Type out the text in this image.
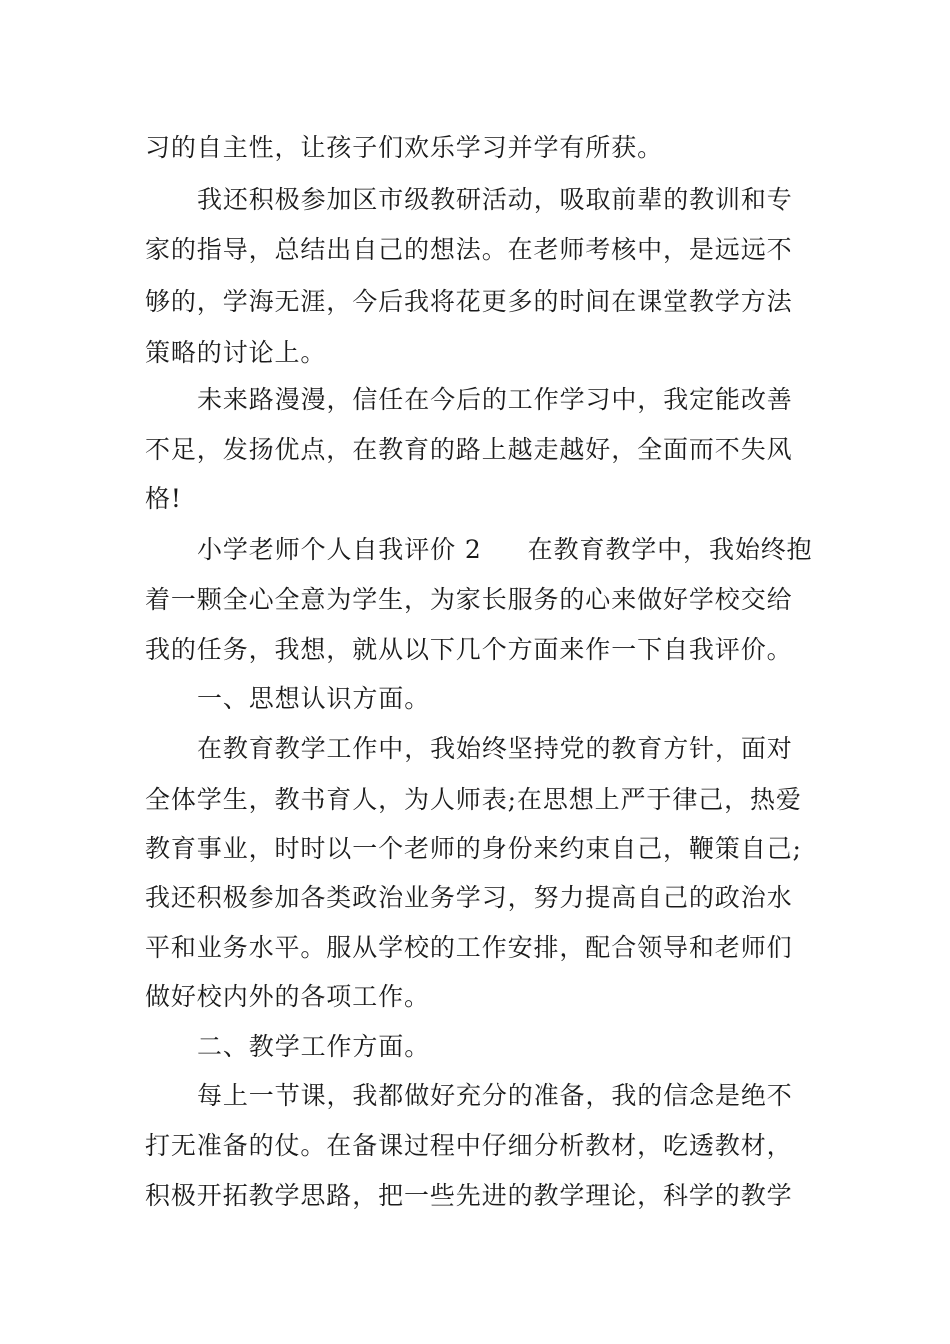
习的自主性，让孩子们欢乐学习并学有所获。
我还积极参加区市级教研活动，吸取前辈的教训和专
家的指导，总结出自己的想法。在老师考核中，是远远不
够的，学海无涯，今后我将花更多的时间在课堂教学方法
策略的讨论上。
未来路漫漫，信任在今后的工作学习中，我定能改善
不足，发扬优点，在教育的路上越走越好，全面而不失风
格!
小学老师个人自我评价 2 在教育教学中，我始终抱
着一颗全心全意为学生，为家长服务的心来做好学校交给
我的任务，我想，就从以下几个方面来作一下自我评价。
一、思想认识方面。
在教育教学工作中，我始终坚持党的教育方针，面对
全体学生，教书育人，为人师表;在思想上严于律己，热爱
教育事业，时时以一个老师的身份来约束自己，鞭策自己;
我还积极参加各类政治业务学习，努力提高自己的政治水
平和业务水平。服从学校的工作安排，配合领导和老师们
做好校内外的各项工作。
二、教学工作方面。
每上一节课，我都做好充分的准备，我的信念是绝不
打无准备的仗。在备课过程中仔细分析教材，吃透教材，
积极开拓教学思路，把一些先进的教学理论，科学的教学
